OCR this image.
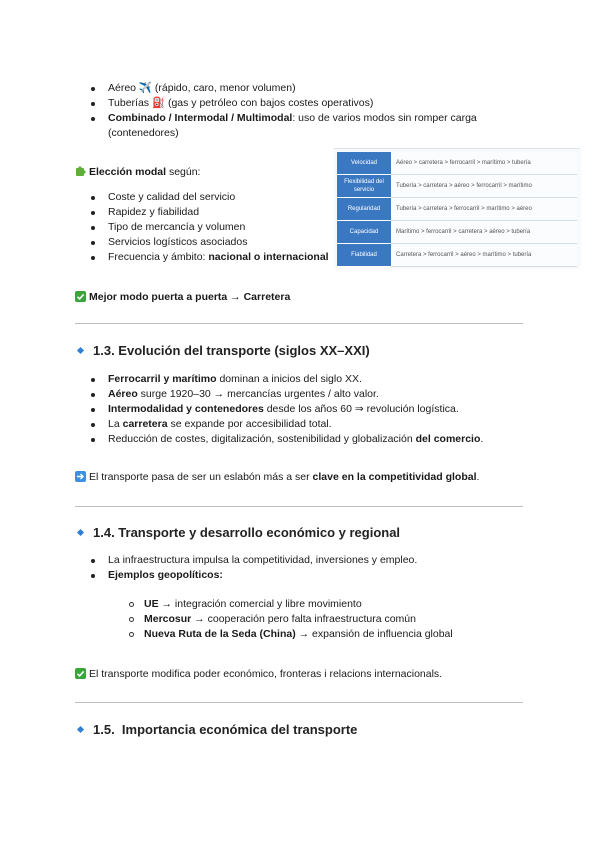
Aéreo ✈️ (rápido, caro, menor volumen)
Tuberías ⛽ (gas y petróleo con bajos costes operativos)
Combinado / Intermodal / Multimodal: uso de varios modos sin romper carga (contenedores)
Elección modal según:
Coste y calidad del servicio
Rapidez y fiabilidad
Tipo de mercancía y volumen
Servicios logísticos asociados
Frecuencia y ámbito: nacional o internacional
Velocidad	Aéreo > carretera > ferrocarril > marítimo > tubería
Flexibilidad del servicio	Tubería > carretera > aéreo > ferrocarril > marítimo
Regularidad	Tubería > carretera > ferrocarril > marítimo > aéreo
Capacidad	Marítimo > ferrocarril > carretera > aéreo > tubería
Fiabilidad	Carretera > ferrocarril > aéreo > marítimo > tubería
Mejor modo puerta a puerta → Carretera
1.3. Evolución del transporte (siglos XX–XXI)
Ferrocarril y marítimo dominan a inicios del siglo XX.
Aéreo surge 1920–30 → mercancías urgentes / alto valor.
Intermodalidad y contenedores desde los años 60 ⇒ revolución logística.
La carretera se expande por accesibilidad total.
Reducción de costes, digitalización, sostenibilidad y globalización del comercio.
El transporte pasa de ser un eslabón más a ser clave en la competitividad global.
1.4. Transporte y desarrollo económico y regional
La infraestructura impulsa la competitividad, inversiones y empleo.
Ejemplos geopolíticos:
UE → integración comercial y libre movimiento
Mercosur → cooperación pero falta infraestructura común
Nueva Ruta de la Seda (China) → expansión de influencia global
El transporte modifica poder económico, fronteras i relacions internacionals.
1.5.  Importancia económica del transporte
